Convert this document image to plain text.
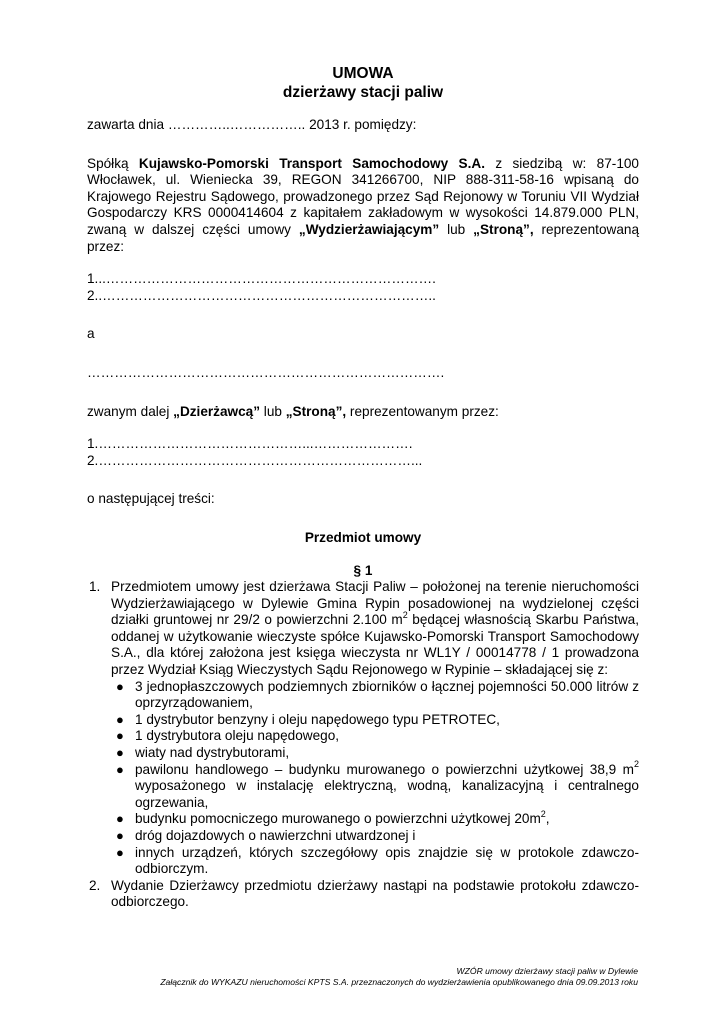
UMOWA

dzierżawy stacji paliw

zawarta dnia …………..…………….. 2013 r. pomiędzy:

Spółką Kujawsko-Pomorski Transport Samochodowy S.A. z siedzibą w: 87-100 Włocławek, ul. Wieniecka 39, REGON 341266700, NIP 888-311-58-16 wpisaną do Krajowego Rejestru Sądowego, prowadzonego przez Sąd Rejonowy w Toruniu VII Wydział Gospodarczy KRS 0000414604 z kapitałem zakładowym w wysokości 14.879.000 PLN, zwaną w dalszej części umowy „Wydzierżawiającym” lub „Stroną”, reprezentowaną przez:

1...……………………………………………………………….

2..………………………………………………………………..

a

…………………………………………………………………….

zwanym dalej „Dzierżawcą” lub „Stroną”, reprezentowanym przez:

1.………………………………………...………………….

2.……………………………………………………………...

o następującej treści:

Przedmiot umowy

§ 1

1. Przedmiotem umowy jest dzierżawa Stacji Paliw – położonej na terenie nieruchomości Wydzierżawiającego w Dylewie Gmina Rypin posadowionej na wydzielonej części działki gruntowej nr 29/2 o powierzchni 2.100 $m^2$ będącej własnością Skarbu Państwa, oddanej w użytkowanie wieczyste spółce Kujawsko-Pomorski Transport Samochodowy S.A., dla której założona jest księga wieczysta nr WL1Y / 00014778 / 1 prowadzona przez Wydział Ksiąg Wieczystych Sądu Rejonowego w Rypinie – składającej się z:
● 3 jednopłaszczowych podziemnych zbiorników o łącznej pojemności 50.000 litrów z oprzyrządowaniem,
● 1 dystrybutor benzyny i oleju napędowego typu PETROTEC,
● 1 dystrybutora oleju napędowego,
● wiaty nad dystrybutorami,
● pawilonu handlowego – budynku murowanego o powierzchni użytkowej 38,9 $m^2$ wyposażonego w instalację elektryczną, wodną, kanalizacyjną i centralnego ogrzewania,
● budynku pomocniczego murowanego o powierzchni użytkowej $20m^2$,
● dróg dojazdowych o nawierzchni utwardzonej i
● innych urządzeń, których szczegółowy opis znajdzie się w protokole zdawczo-odbiorczym.
2. Wydanie Dzierżawcy przedmiotu dzierżawy nastąpi na podstawie protokołu zdawczo-odbiorczego.
WZÓR umowy dzierżawy stacji paliw w Dylewie
Załącznik do WYKAZU nieruchomości KPTS S.A. przeznaczonych do wydzierżawienia opublikowanego dnia 09.09.2013 roku
